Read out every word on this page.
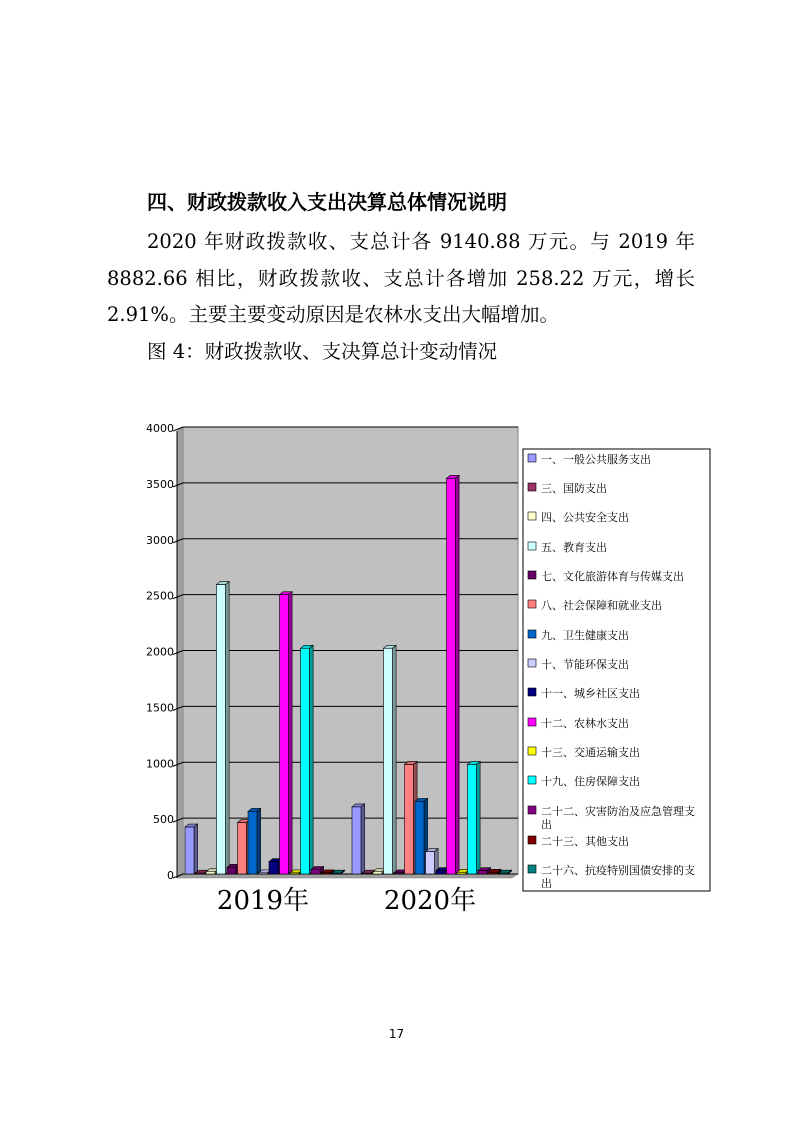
四、财政拨款收入支出决算总体情况说明
2020 年财政拨款收、支总计各 9140.88 万元。与 2019 年 8882.66 相比，财政拨款收、支总计各增加 258.22 万元，增长 2.91%。主要主要变动原因是农林水支出大幅增加。
图 4：财政拨款收、支决算总计变动情况
0
500
1000
1500
2000
2500
3000
3500
4000
2019年	2020年
一、一般公共服务支出
三、国防支出
四、公共安全支出
五、教育支出
七、文化旅游体育与传媒支出
八、社会保障和就业支出
九、卫生健康支出
十、节能环保支出
十一、城乡社区支出
十二、农林水支出
十三、交通运输支出
十九、住房保障支出
二十二、灾害防治及应急管理支
出
二十三、其他支出
二十六、抗疫特别国债安排的支
出
17
